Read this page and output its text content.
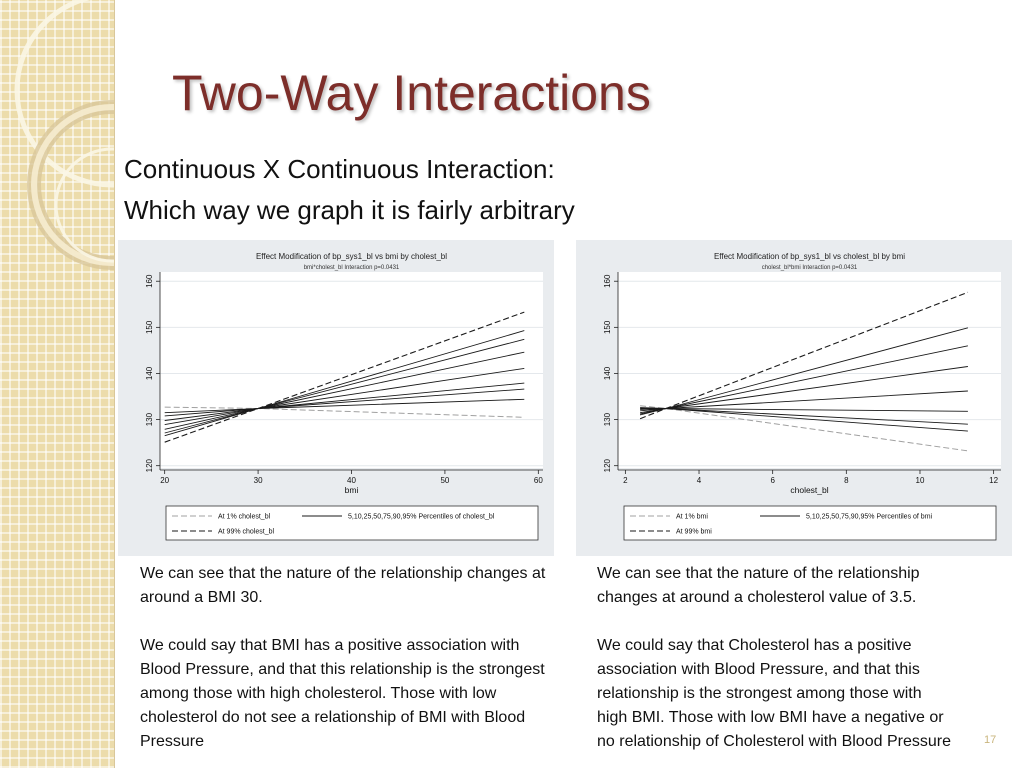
Two-Way Interactions

Continuous X Continuous Interaction:

Which way we graph it is fairly arbitrary

Effect Modification of bp_sys1_bl vs bmi by cholest_bl
bmi*cholest_bl Interaction p=0.0431
120
130
140
150
160
20	30	40	50	60
bmi
At 1% cholest_bl	5,10,25,50,75,90,95% Percentiles of cholest_bl
At 99% cholest_bl
Effect Modification of bp_sys1_bl vs cholest_bl by bmi
cholest_bl*bmi Interaction p=0.0431
120
130
140
150
160
2	4	6	8	10	12
cholest_bl
At 1% bmi	5,10,25,50,75,90,95% Percentiles of bmi
At 99% bmi

We can see that the nature of the relationship changes at around a BMI 30.

We could say that BMI has a positive association with Blood Pressure, and that this relationship is the strongest among those with high cholesterol. Those with low cholesterol do not see a relationship of BMI with Blood Pressure

We can see that the nature of the relationship

changes at around a cholesterol value of 3.5.

We could say that Cholesterol has a positive

association with Blood Pressure, and that this

relationship is the strongest among those with

high BMI. Those with low BMI have a negative or

no relationship of Cholesterol with Blood Pressure	17
